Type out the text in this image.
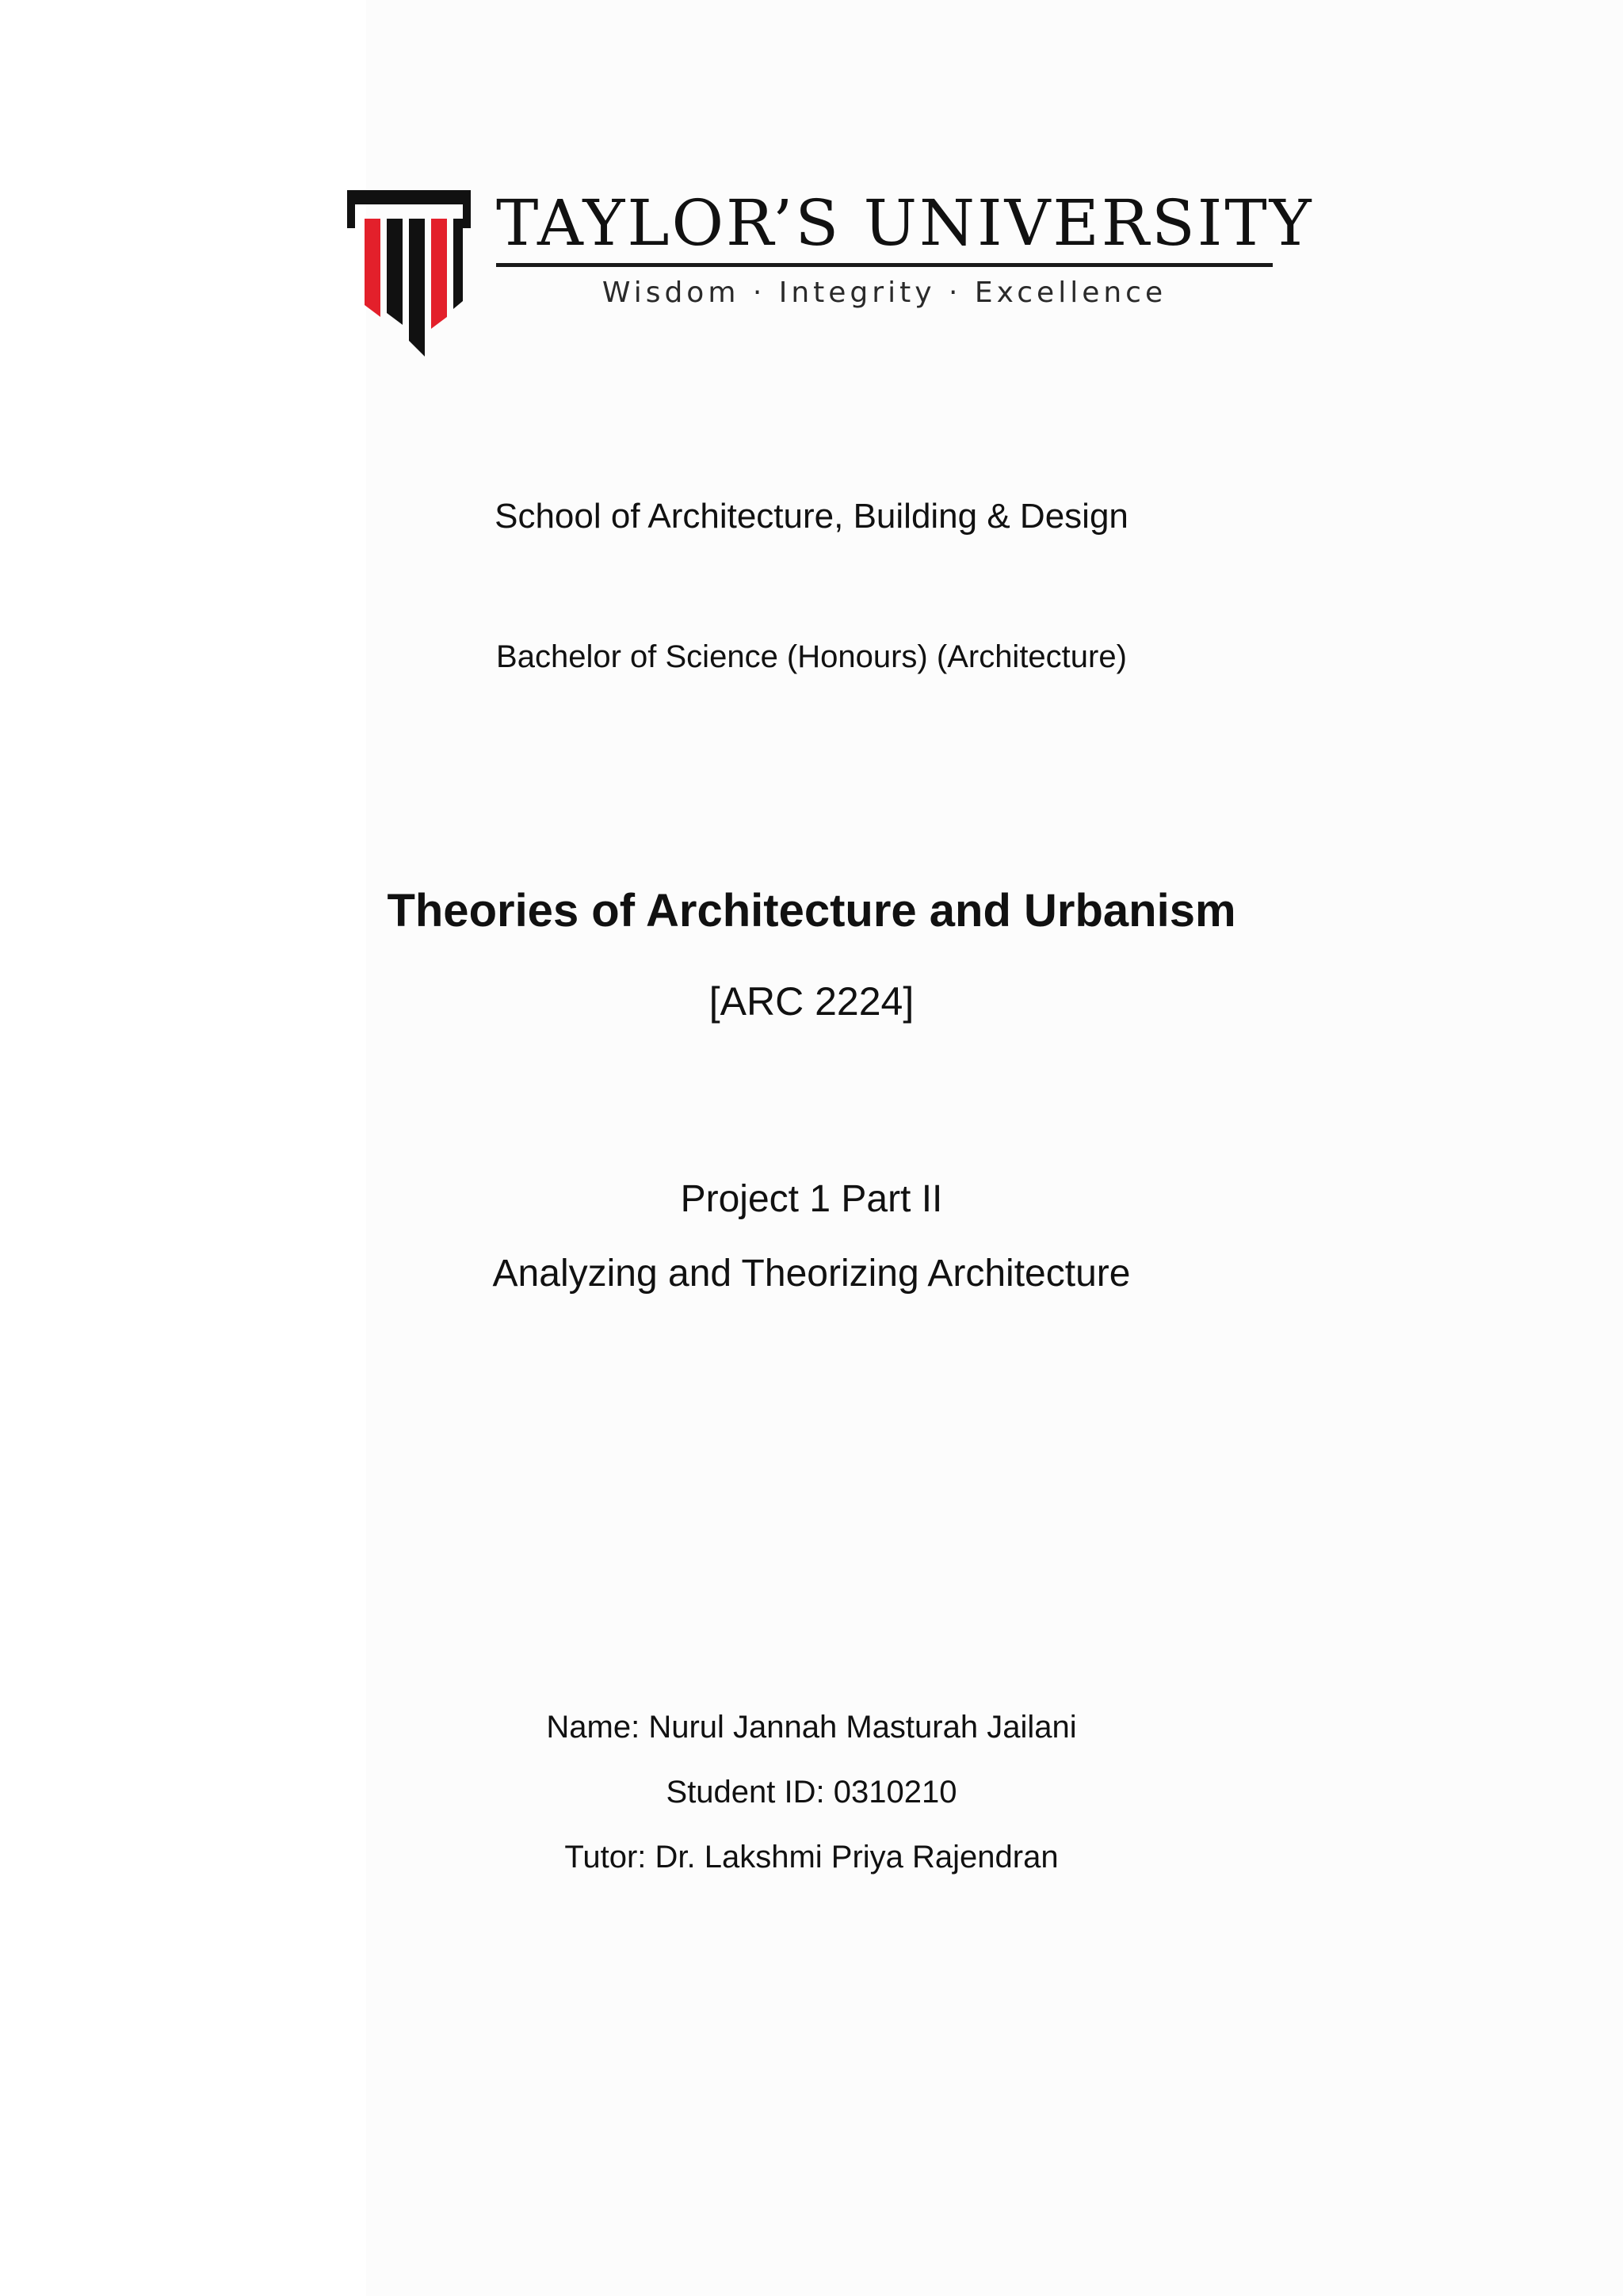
TAYLOR’S UNIVERSITY
Wisdom · Integrity · Excellence
School of Architecture, Building & Design
Bachelor of Science (Honours) (Architecture)
Theories of Architecture and Urbanism
[ARC 2224]
Project 1 Part II
Analyzing and Theorizing Architecture
Name: Nurul Jannah Masturah Jailani
Student ID: 0310210
Tutor: Dr. Lakshmi Priya Rajendran
